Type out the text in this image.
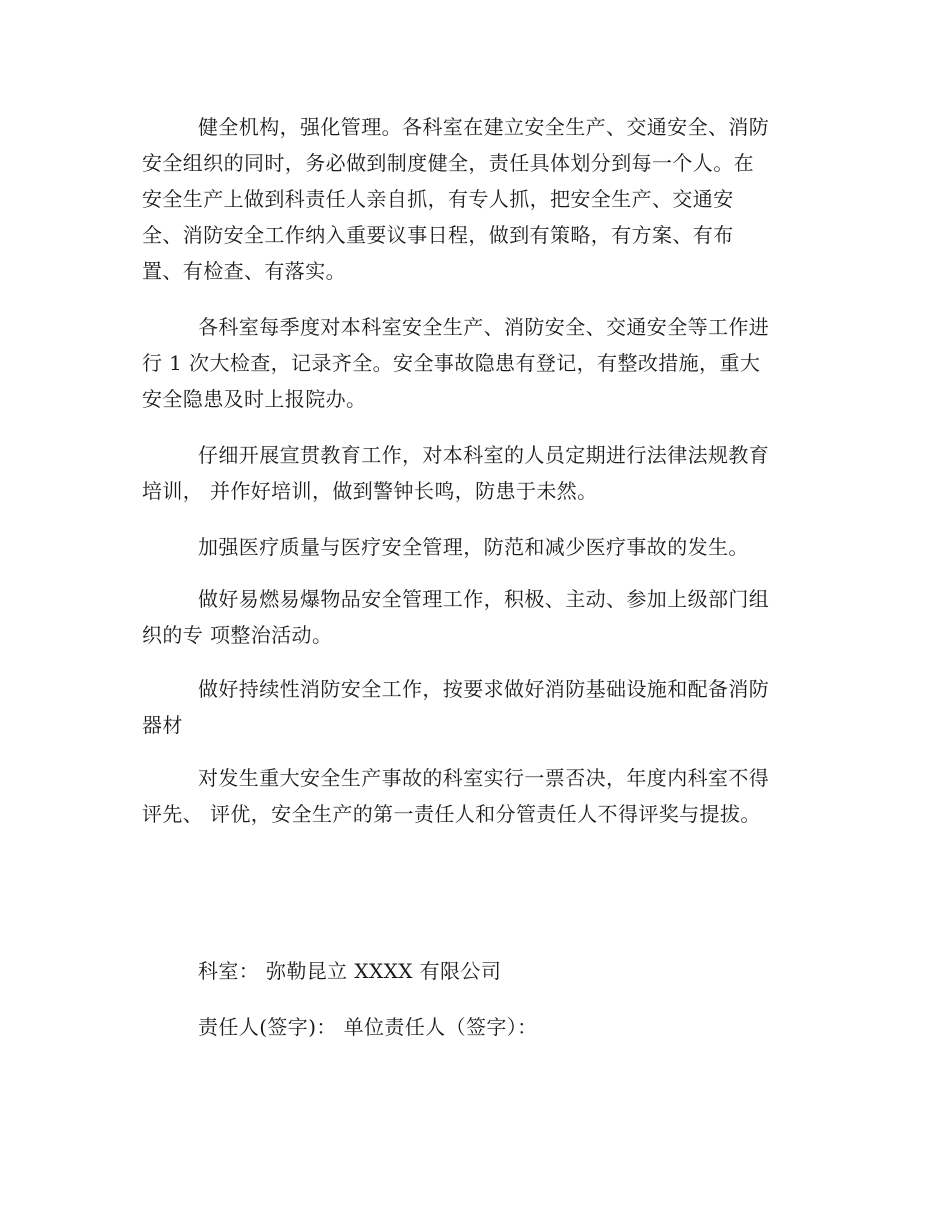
健全机构，强化管理。各科室在建立安全生产、交通安全、消防
安全组织的同时，务必做到制度健全，责任具体划分到每一个人。在
安全生产上做到科责任人亲自抓，有专人抓，把安全生产、交通安
全、消防安全工作纳入重要议事日程，做到有策略，有方案、有布
置、有检查、有落实。
各科室每季度对本科室安全生产、消防安全、交通安全等工作进
行 1 次大检查，记录齐全。安全事故隐患有登记，有整改措施，重大
安全隐患及时上报院办。
仔细开展宣贯教育工作，对本科室的人员定期进行法律法规教育
培训， 并作好培训，做到警钟长鸣，防患于未然。
加强医疗质量与医疗安全管理，防范和减少医疗事故的发生。
做好易燃易爆物品安全管理工作，积极、主动、参加上级部门组
织的专 项整治活动。
做好持续性消防安全工作，按要求做好消防基础设施和配备消防
器材
对发生重大安全生产事故的科室实行一票否决，年度内科室不得
评先、 评优，安全生产的第一责任人和分管责任人不得评奖与提拔。
科室： 弥勒昆立 XXXX 有限公司
责任人(签字)： 单位责任人（签字）：
